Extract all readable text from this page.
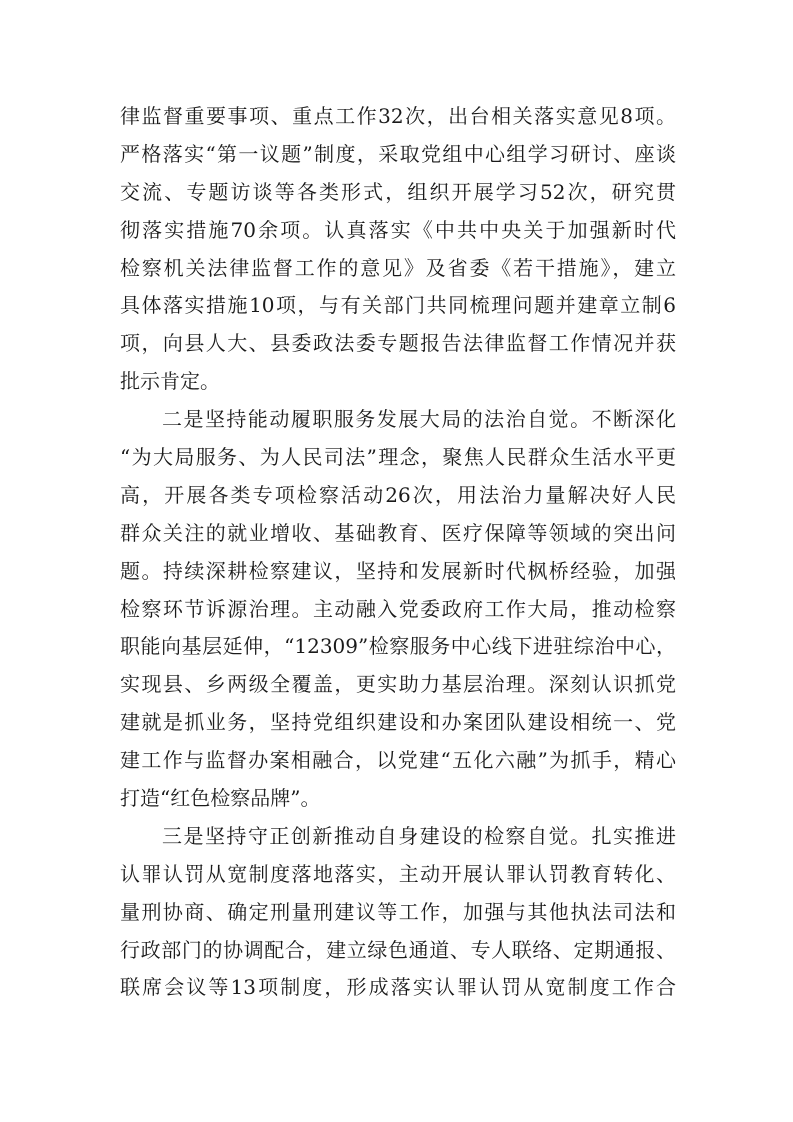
律监督重要事项、重点工作32次，出台相关落实意见8项。
严格落实“第一议题”制度，采取党组中心组学习研讨、座谈
交流、专题访谈等各类形式，组织开展学习52次，研究贯
彻落实措施70余项。认真落实《中共中央关于加强新时代
检察机关法律监督工作的意见》及省委《若干措施》，建立
具体落实措施10项，与有关部门共同梳理问题并建章立制6
项，向县人大、县委政法委专题报告法律监督工作情况并获
批示肯定。
二是坚持能动履职服务发展大局的法治自觉。不断深化
“为大局服务、为人民司法”理念，聚焦人民群众生活水平更
高，开展各类专项检察活动26次，用法治力量解决好人民
群众关注的就业增收、基础教育、医疗保障等领域的突出问
题。持续深耕检察建议，坚持和发展新时代枫桥经验，加强
检察环节诉源治理。主动融入党委政府工作大局，推动检察
职能向基层延伸，“12309”检察服务中心线下进驻综治中心，
实现县、乡两级全覆盖，更实助力基层治理。深刻认识抓党
建就是抓业务，坚持党组织建设和办案团队建设相统一、党
建工作与监督办案相融合，以党建“五化六融”为抓手，精心
打造“红色检察品牌”。
三是坚持守正创新推动自身建设的检察自觉。扎实推进
认罪认罚从宽制度落地落实，主动开展认罪认罚教育转化、
量刑协商、确定刑量刑建议等工作，加强与其他执法司法和
行政部门的协调配合，建立绿色通道、专人联络、定期通报、
联席会议等13项制度，形成落实认罪认罚从宽制度工作合
